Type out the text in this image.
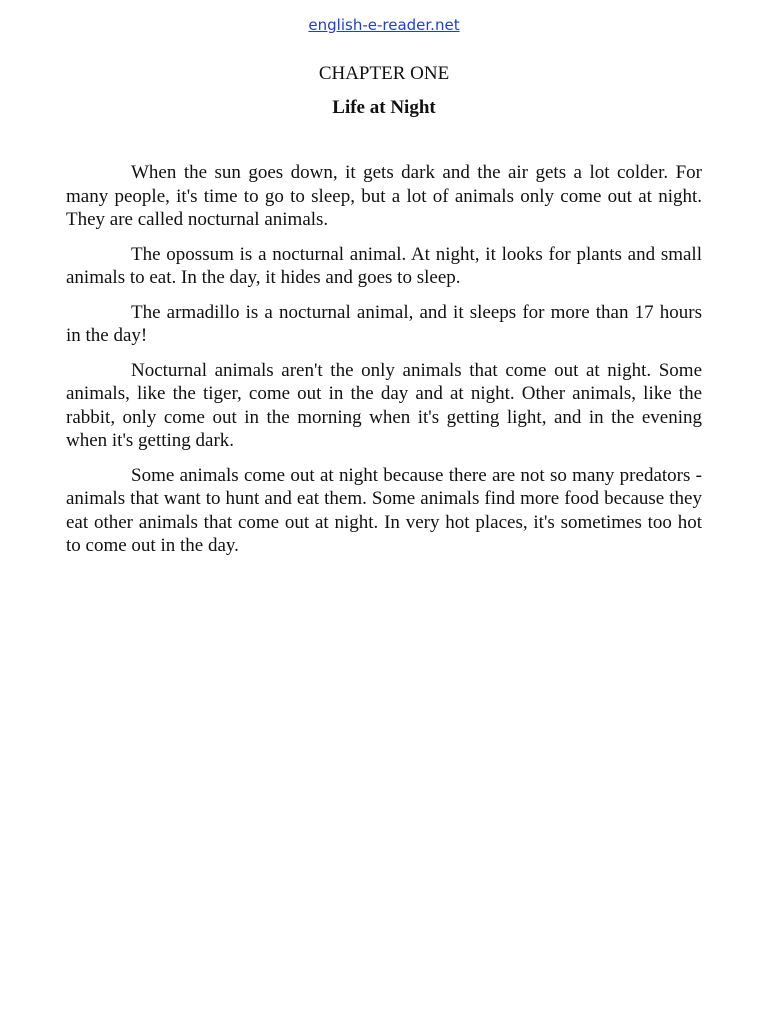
english-e-reader.net
CHAPTER ONE
Life at Night

When the sun goes down, it gets dark and the air gets a lot colder. For many people, it's time to go to sleep, but a lot of animals only come out at night. They are called nocturnal animals.

The opossum is a nocturnal animal. At night, it looks for plants and small animals to eat. In the day, it hides and goes to sleep.

The armadillo is a nocturnal animal, and it sleeps for more than 17 hours in the day!

Nocturnal animals aren't the only animals that come out at night. Some animals, like the tiger, come out in the day and at night. Other animals, like the rabbit, only come out in the morning when it's getting light, and in the evening when it's getting dark.

Some animals come out at night because there are not so many predators - animals that want to hunt and eat them. Some animals find more food because they eat other animals that come out at night. In very hot places, it's sometimes too hot to come out in the day.
